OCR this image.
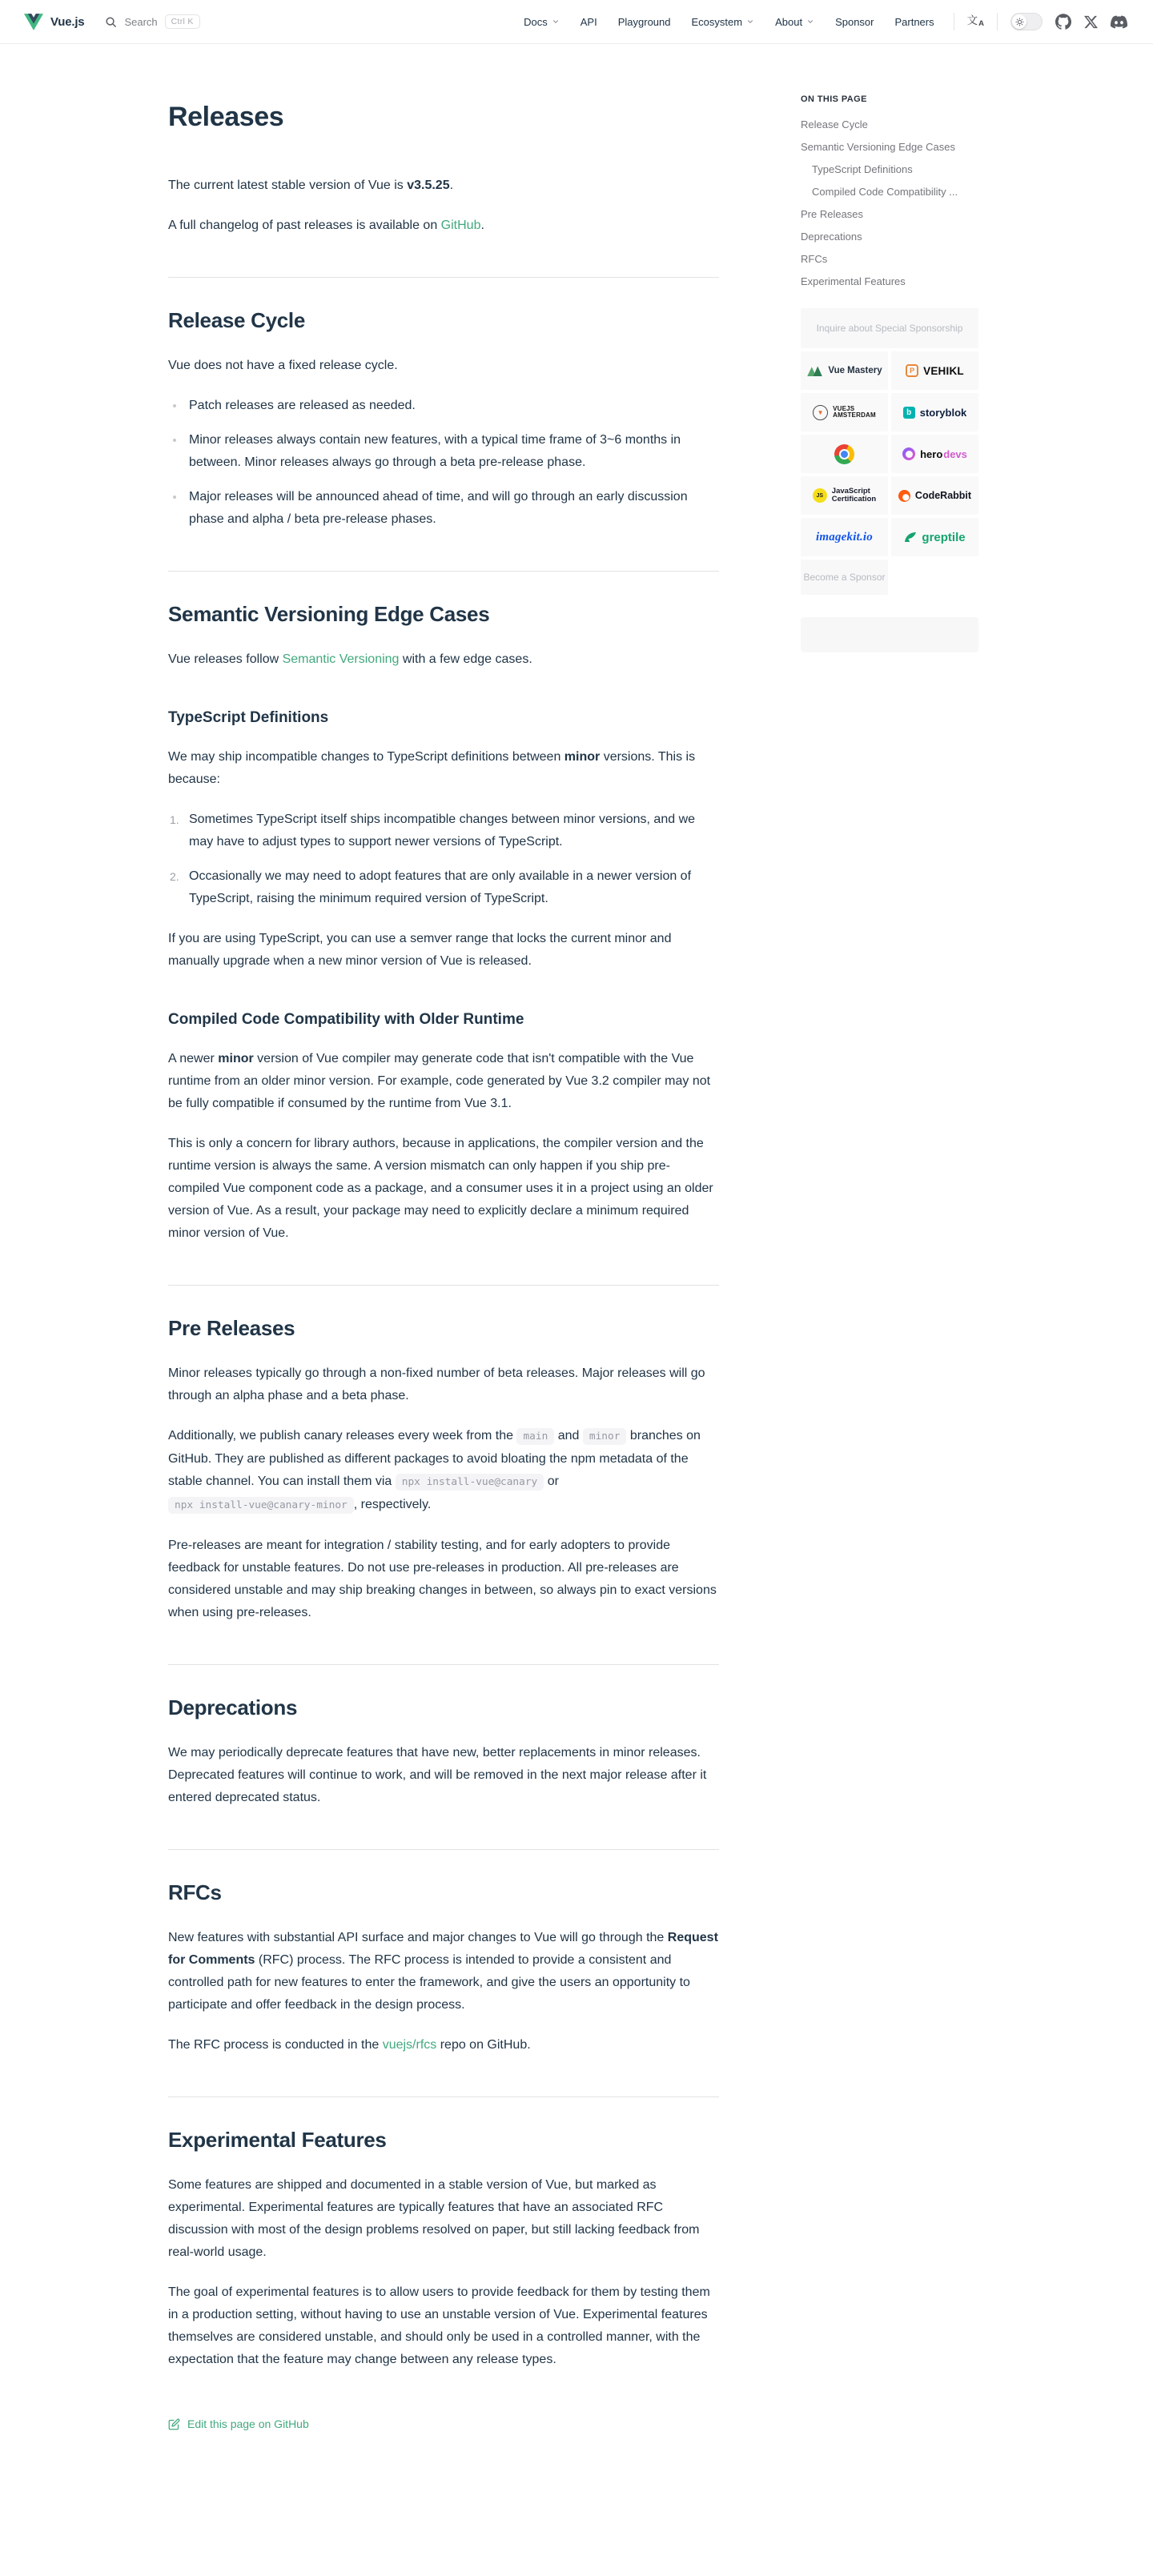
Vue.js	Search	Ctrl K	Docs	API Playground Ecosystem	About	Sponsor Partners	文 A
Releases

The current latest stable version of Vue is v3.5.25.

A full changelog of past releases is available on GitHub.

Release Cycle

Vue does not have a fixed release cycle.

Patch releases are released as needed.
Minor releases always contain new features, with a typical time frame of 3~6 months in between. Minor releases always go through a beta pre-release phase.
Major releases will be announced ahead of time, and will go through an early discussion phase and alpha / beta pre-release phases.
Semantic Versioning Edge Cases

Vue releases follow Semantic Versioning with a few edge cases.

TypeScript Definitions

We may ship incompatible changes to TypeScript definitions between minor versions. This is because:

Sometimes TypeScript itself ships incompatible changes between minor versions, and we may have to adjust types to support newer versions of TypeScript.
Occasionally we may need to adopt features that are only available in a newer version of TypeScript, raising the minimum required version of TypeScript.

If you are using TypeScript, you can use a semver range that locks the current minor and manually upgrade when a new minor version of Vue is released.

Compiled Code Compatibility with Older Runtime

A newer minor version of Vue compiler may generate code that isn't compatible with the Vue runtime from an older minor version. For example, code generated by Vue 3.2 compiler may not be fully compatible if consumed by the runtime from Vue 3.1.

This is only a concern for library authors, because in applications, the compiler version and the runtime version is always the same. A version mismatch can only happen if you ship pre-compiled Vue component code as a package, and a consumer uses it in a project using an older version of Vue. As a result, your package may need to explicitly declare a minimum required minor version of Vue.

Pre Releases

Minor releases typically go through a non-fixed number of beta releases. Major releases will go through an alpha phase and a beta phase.

Additionally, we publish canary releases every week from the main and minor branches on GitHub. They are published as different packages to avoid bloating the npm metadata of the stable channel. You can install them via npx install-vue@canary or npx install-vue@canary-minor , respectively.

Pre-releases are meant for integration / stability testing, and for early adopters to provide feedback for unstable features. Do not use pre-releases in production. All pre-releases are considered unstable and may ship breaking changes in between, so always pin to exact versions when using pre-releases.

Deprecations

We may periodically deprecate features that have new, better replacements in minor releases. Deprecated features will continue to work, and will be removed in the next major release after it entered deprecated status.

RFCs

New features with substantial API surface and major changes to Vue will go through the Request for Comments (RFC) process. The RFC process is intended to provide a consistent and controlled path for new features to enter the framework, and give the users an opportunity to participate and offer feedback in the design process.

The RFC process is conducted in the vuejs/rfcs repo on GitHub.

Experimental Features

Some features are shipped and documented in a stable version of Vue, but marked as experimental. Experimental features are typically features that have an associated RFC discussion with most of the design problems resolved on paper, but still lacking feedback from real-world usage.

The goal of experimental features is to allow users to provide feedback for them by testing them in a production setting, without having to use an unstable version of Vue. Experimental features themselves are considered unstable, and should only be used in a controlled manner, with the expectation that the feature may change between any release types.

Edit this page on GitHub
ON THIS PAGE
Release Cycle
Semantic Versioning Edge Cases
TypeScript Definitions
Compiled Code Compatibility ...
Pre Releases
Deprecations
RFCs
Experimental Features
Inquire about Special Sponsorship
Vue Mastery	P VEHIKL
▼
VUEJS
AMSTERDAM	b storyblok
hero devs
JS	JavaScript
Certification	CodeRabbit
imagekit.io	greptile
Become a Sponsor
